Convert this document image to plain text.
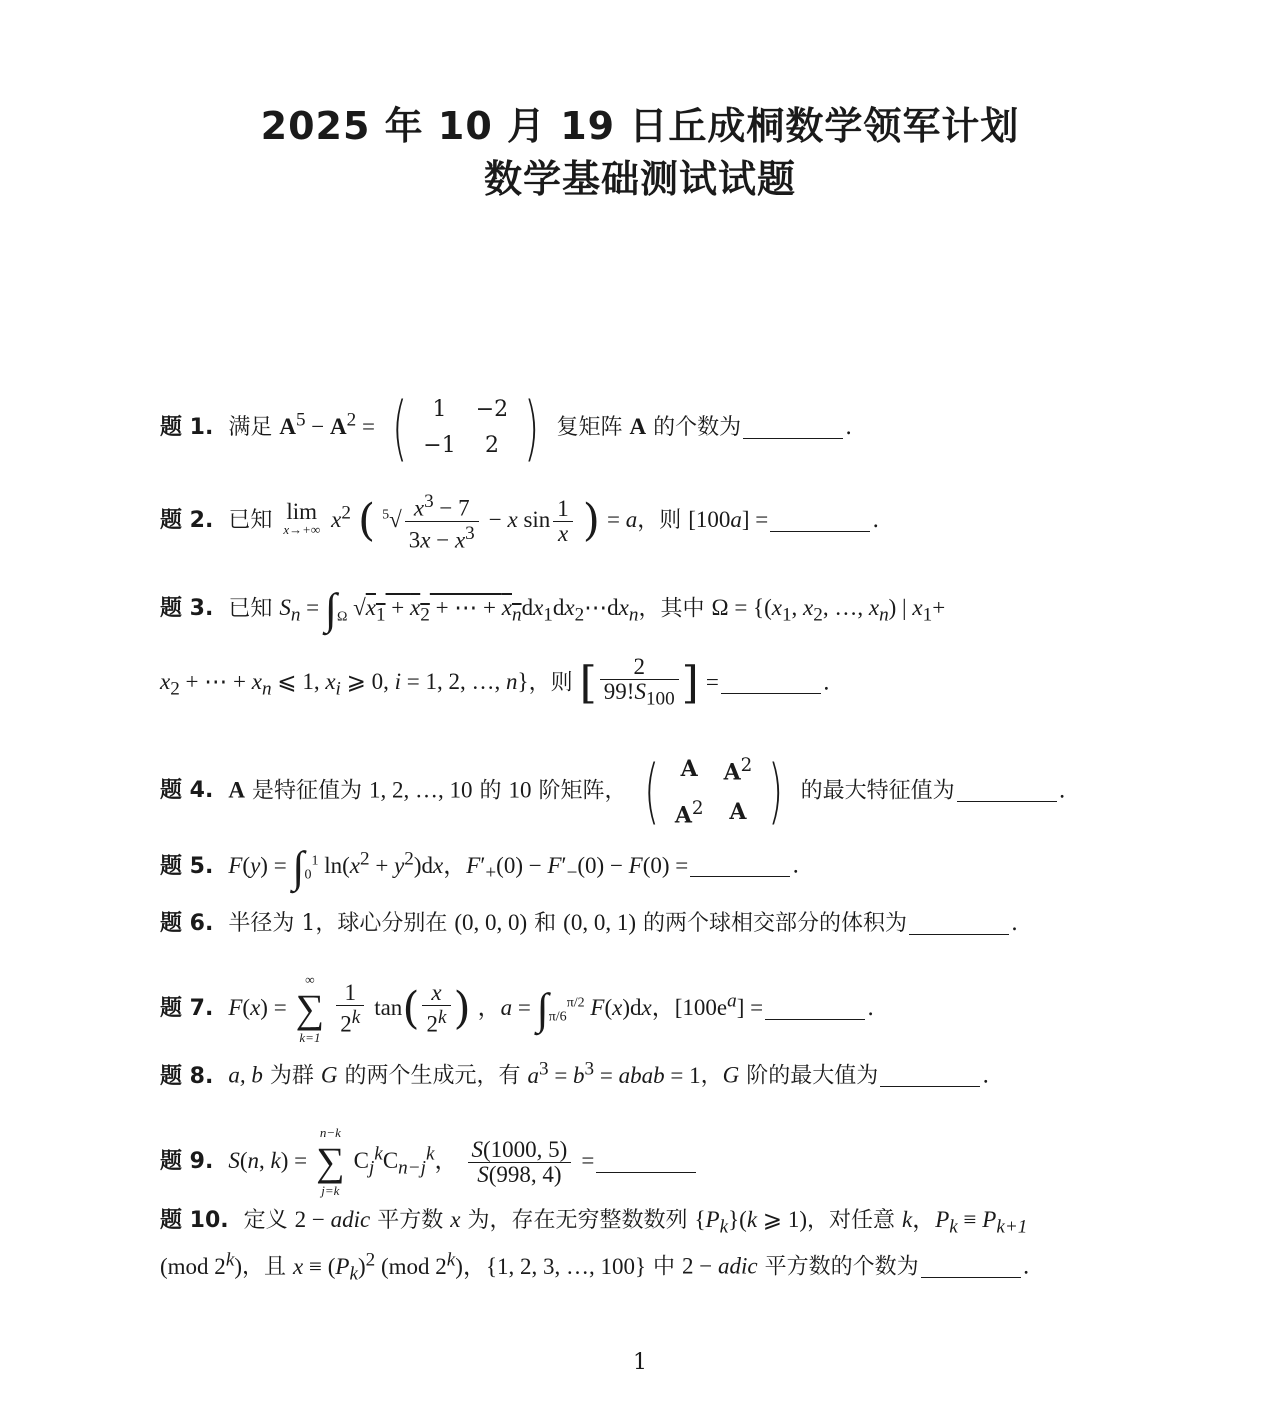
2025 年 10 月 19 日丘成桐数学领军计划
数学基础测试试题
题 1. 满足 $A^5 - A^2$ = ( 1	−2
−1	2 ) 复矩阵 A 的个数为	.
题 2. 已知 lim
x→+∞ $x^2$ ( $^5√ \frac{x^3 - 7}{3x - x^3} - x$ $\sin \frac{1}{x}$ ) = a，则 [100a] =	.
题 3. 已知 $S_n = \int_\Omega$ $√x_1 + x_2$ + ⋯ + $x_ndx_1dx_2\cdots dx_n$，其中 $\Omega = \{(x_1$, $x_2$, …, $x_n$) | $x_1+$
$x_2$ + ⋯ + $x_n$ ⩽ 1, $x_i$ ⩾ 0, i = 1, 2, …, n}，则 [ $\frac{2}{99!S_{100}}$ ] =	.
题 4. A 是特征值为 1, 2, …, 10 的 10 阶矩阵， ( A	$A^2$
$A^2$	A ) 的最大特征值为	.
题 5. $F(y) = \int_0^1$ $\ln(x^2 + y^2)dx$，$F'_+(0) - F'_-(0) - F(0)$ =	.
题 6. 半径为 1，球心分别在 (0, 0, 0) 和 (0, 0, 1) 的两个球相交部分的体积为	.
题 7. F(x) =
∞
∑
k=1

$\frac{1}{2^k} \tan( \frac{x}{2^k}$ ) ，$a = \int_{\pi/6}^{\pi/2}$ F(x)dx，$[100e^a]$ =	.
题 8. a, b 为群 G 的两个生成元，有 $a^3 = b^3$ = abab = 1，G 阶的最大值为	.
题 9. S(n, k) =
n−k
∑
j=k
$C_j^kC_{n-j}^k$， $\frac{S(1000, 5)}{S(998, 4)}$ =
题 10. 定义 2 − adic 平方数 x 为，存在无穷整数数列 $\{P_k\}(k$ ⩾ 1)，对任意 k，$P_k \equiv P_{k+1}$
(mod 2$^k$)，且 $x \equiv (P_k)^2$ (mod 2$^k$)，{1, 2, 3, …, 100} 中 2 − adic 平方数的个数为	.
1
